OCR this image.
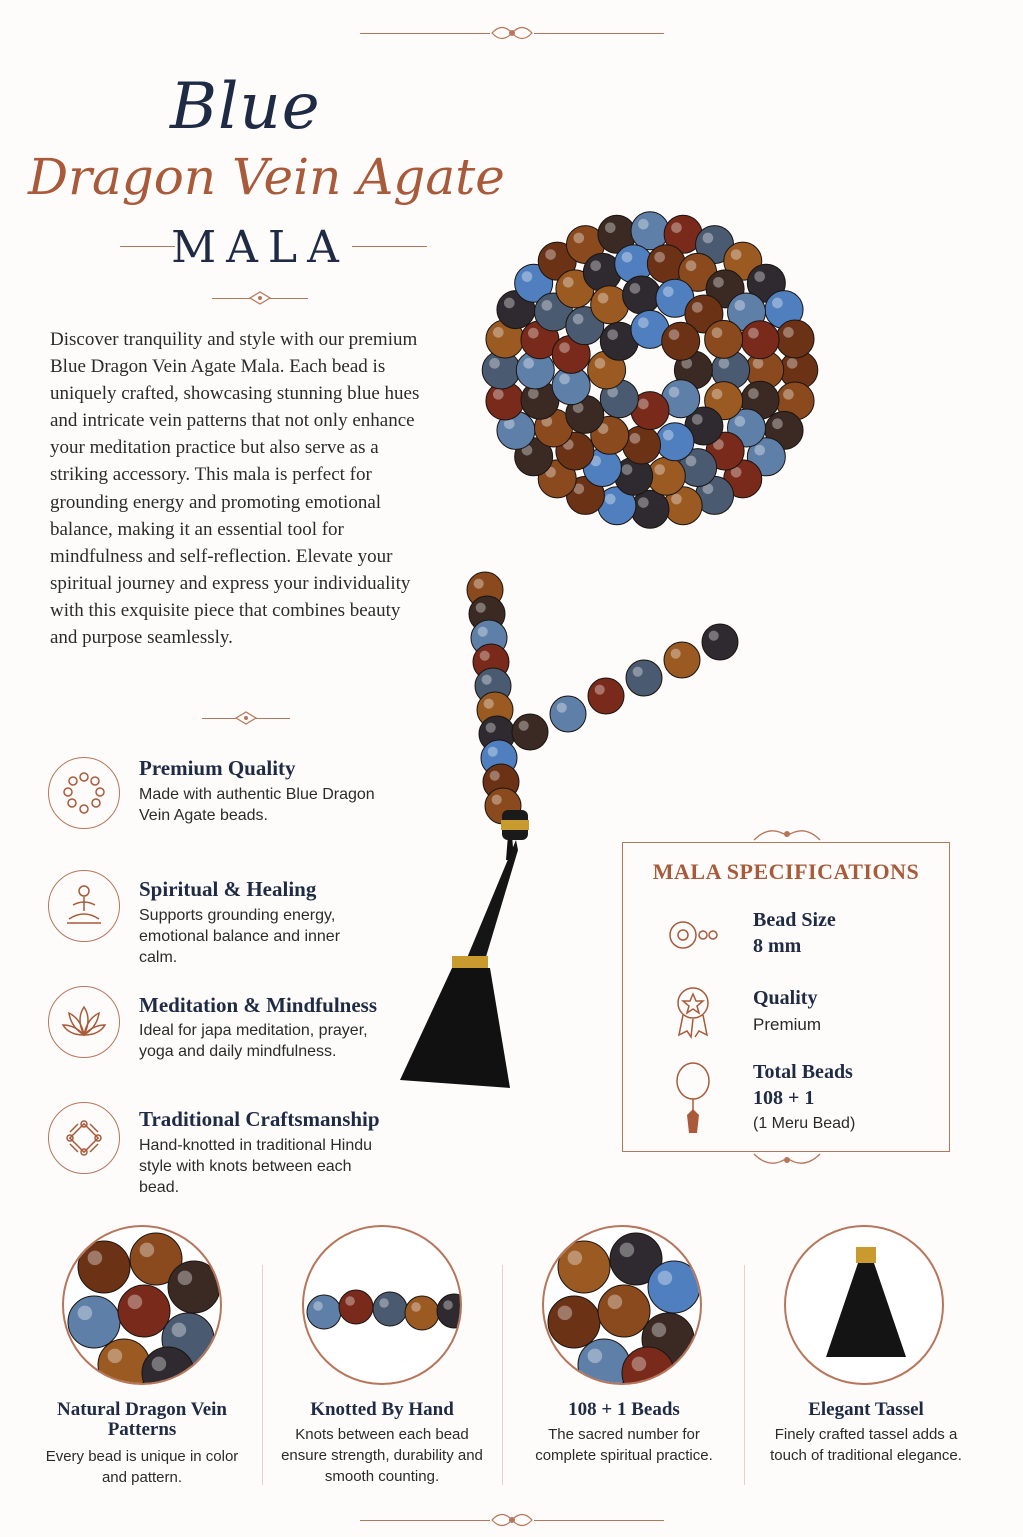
Blue
Dragon Vein Agate
MALA
Discover tranquility and style with our premium Blue Dragon Vein Agate Mala. Each bead is uniquely crafted, showcasing stunning blue hues and intricate vein patterns that not only enhance your meditation practice but also serve as a striking accessory. This mala is perfect for grounding energy and promoting emotional balance, making it an essential tool for mindfulness and self-reflection. Elevate your spiritual journey and express your individuality with this exquisite piece that combines beauty and purpose seamlessly.
Premium Quality
Made with authentic Blue Dragon Vein Agate beads.
Spiritual & Healing
Supports grounding energy, emotional balance and inner calm.
Meditation & Mindfulness
Ideal for japa meditation, prayer, yoga and daily mindfulness.
Traditional Craftsmanship
Hand-knotted in traditional Hindu style with knots between each bead.
MALA SPECIFICATIONS
Bead Size
8 mm
Quality
Premium
Total Beads
108 + 1
(1 Meru Bead)
Natural Dragon Vein Patterns
Every bead is unique in color and pattern.
Knotted By Hand
Knots between each bead ensure strength, durability and smooth counting.
108 + 1 Beads
The sacred number for complete spiritual practice.
Elegant Tassel
Finely crafted tassel adds a touch of traditional elegance.
